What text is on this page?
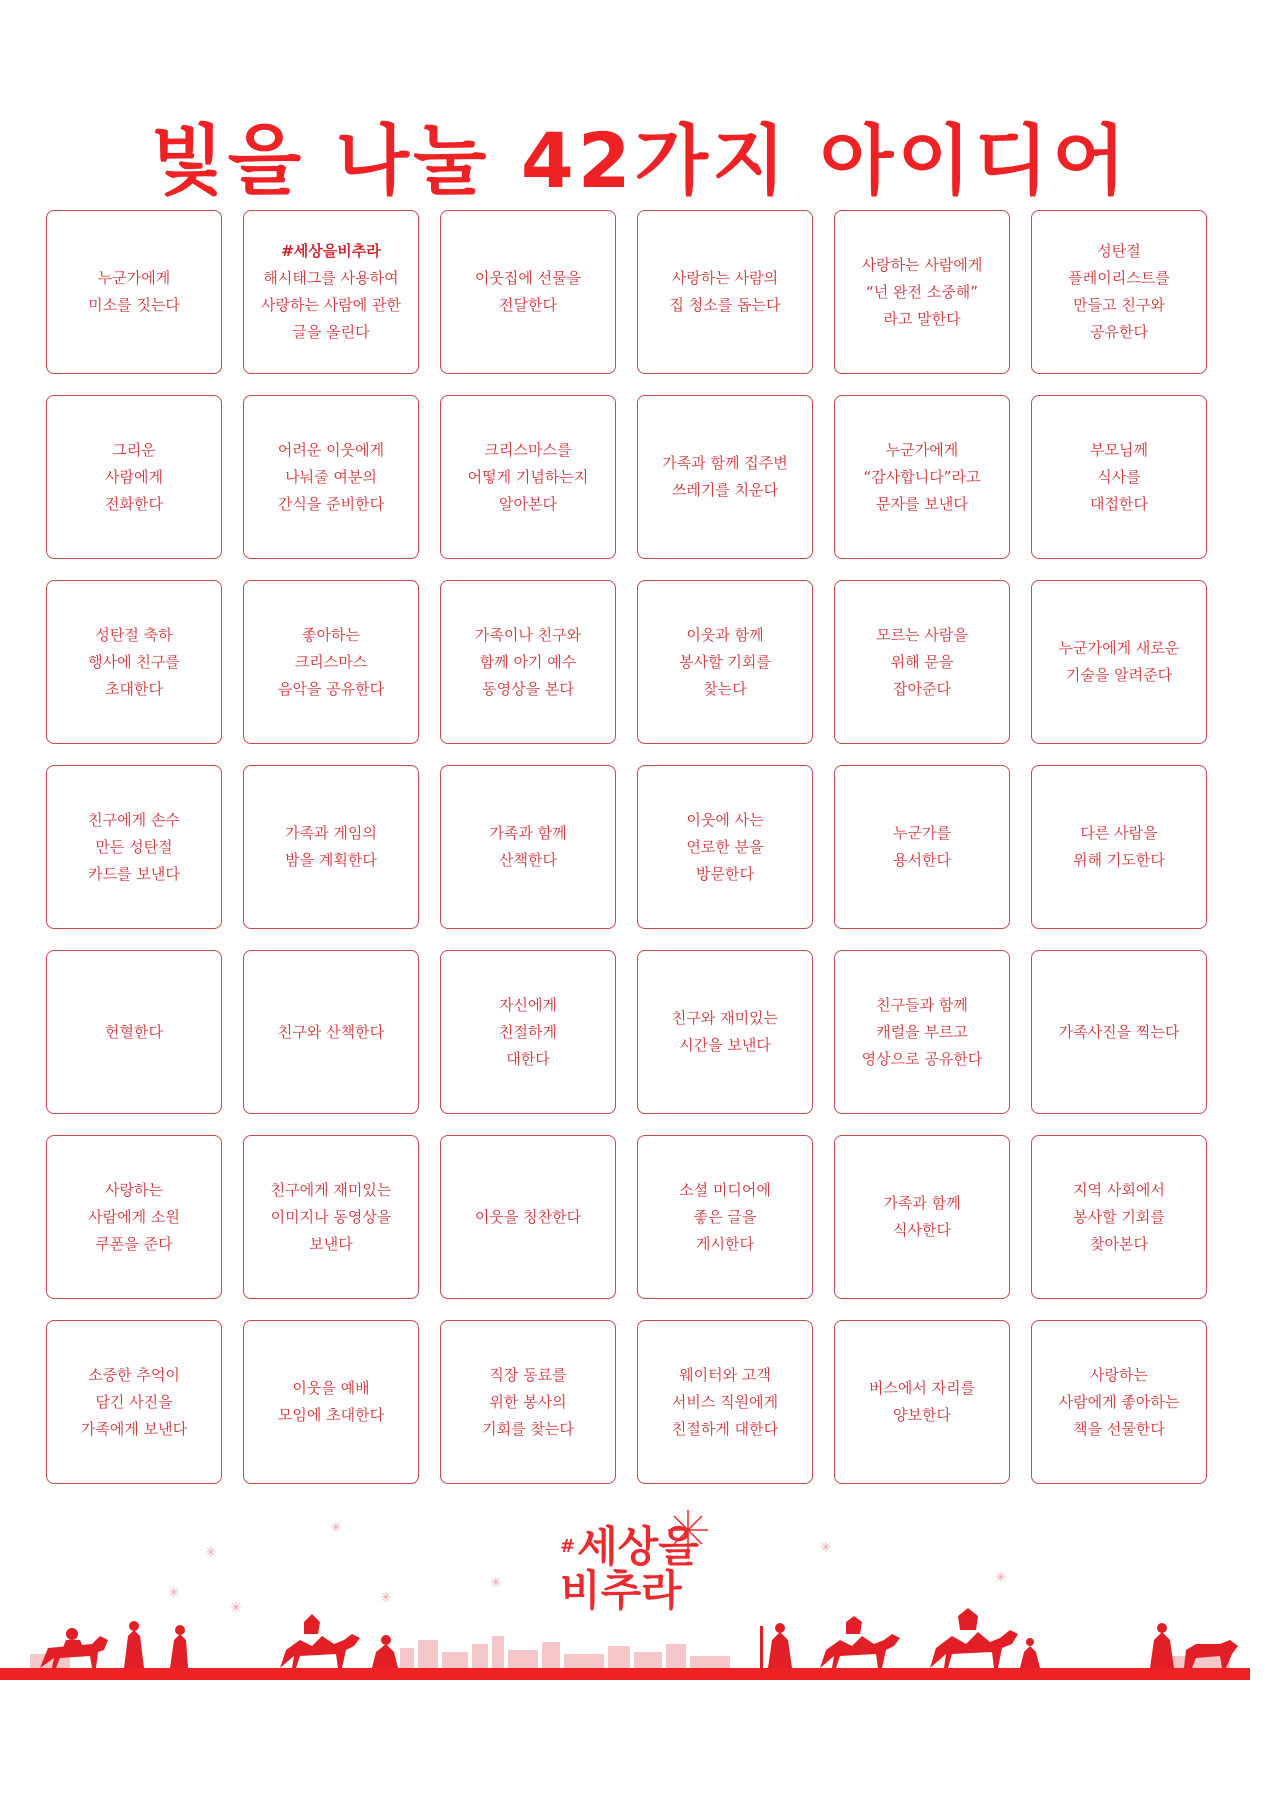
빛을 나눌 42가지 아이디어
누군가에게
미소를 짓는다
#세상을비추라
해시태그를 사용하여
사랑하는 사람에 관한
글을 올린다
이웃집에 선물을
전달한다
사랑하는 사람의
집 청소를 돕는다
사랑하는 사람에게
“넌 완전 소중해”
라고 말한다
성탄절
플레이리스트를
만들고 친구와
공유한다
그리운
사람에게
전화한다
어려운 이웃에게
나눠줄 여분의
간식을 준비한다
크리스마스를
어떻게 기념하는지
알아본다
가족과 함께 집주변
쓰레기를 치운다
누군가에게
“감사합니다”라고
문자를 보낸다
부모님께
식사를
대접한다
성탄절 축하
행사에 친구를
초대한다
좋아하는
크리스마스
음악을 공유한다
가족이나 친구와
함께 아기 예수
동영상을 본다
이웃과 함께
봉사할 기회를
찾는다
모르는 사람을
위해 문을
잡아준다
누군가에게 새로운
기술을 알려준다
친구에게 손수
만든 성탄절
카드를 보낸다
가족과 게임의
밤을 계획한다
가족과 함께
산책한다
이웃에 사는
연로한 분을
방문한다
누군가를
용서한다
다른 사람을
위해 기도한다
헌혈한다	친구와 산책한다
자신에게
친절하게
대한다
친구와 재미있는
시간을 보낸다
친구들과 함께
캐럴을 부르고
영상으로 공유한다
가족사진을 찍는다
사랑하는
사람에게 소원
쿠폰을 준다
친구에게 재미있는
이미지나 동영상을
보낸다
이웃을 칭찬한다
소셜 미디어에
좋은 글을
게시한다
가족과 함께
식사한다
지역 사회에서
봉사할 기회를
찾아본다
소중한 추억이
담긴 사진을
가족에게 보낸다
이웃을 예배
모임에 초대한다
직장 동료를
위한 봉사의
기회를 찾는다
웨이터와 고객
서비스 직원에게
친절하게 대한다
버스에서 자리를
양보한다
사랑하는
사람에게 좋아하는
책을 선물한다
✳
✳
✳	✳
✳
✳	✳
✳
#세상을
비추라
